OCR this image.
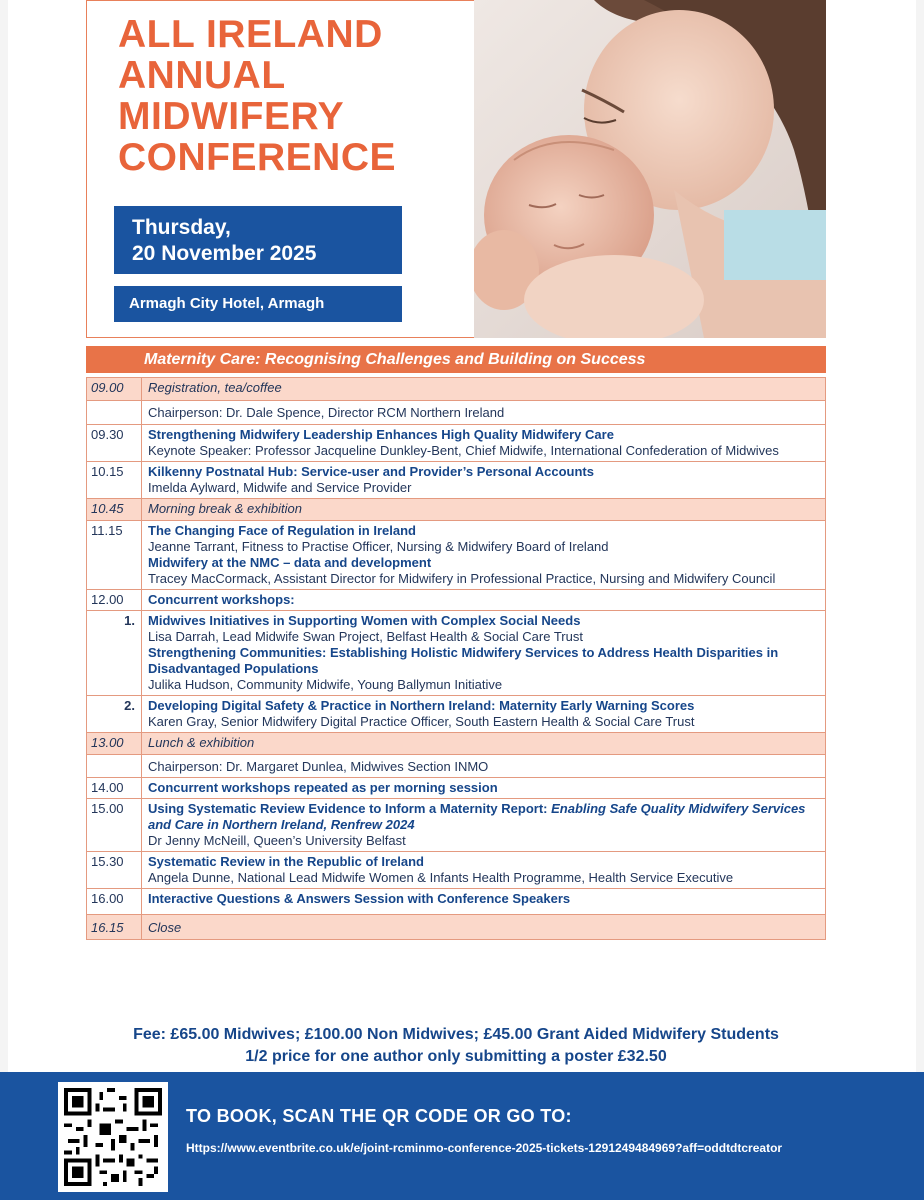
ALL IRELAND
ANNUAL
MIDWIFERY
CONFERENCE
Thursday,
20 November 2025
Armagh City Hotel, Armagh
Maternity Care: Recognising Challenges and Building on Success
09.00	Registration, tea/coffee
	Chairperson: Dr. Dale Spence, Director RCM Northern Ireland
09.30	Strengthening Midwifery Leadership Enhances High Quality Midwifery Care
Keynote Speaker: Professor Jacqueline Dunkley-Bent, Chief Midwife, International Confederation of Midwives

10.15	Kilkenny Postnatal Hub: Service-user and Provider’s Personal Accounts
Imelda Aylward, Midwife and Service Provider

10.45	Morning break & exhibition
11.15	The Changing Face of Regulation in Ireland
Jeanne Tarrant, Fitness to Practise Officer, Nursing & Midwifery Board of Ireland
Midwifery at the NMC – data and development
Tracey MacCormack, Assistant Director for Midwifery in Professional Practice, Nursing and Midwifery Council

12.00	Concurrent workshops:
1.	Midwives Initiatives in Supporting Women with Complex Social Needs
Lisa Darrah, Lead Midwife Swan Project, Belfast Health & Social Care Trust
Strengthening Communities: Establishing Holistic Midwifery Services to Address Health Disparities in Disadvantaged Populations
Julika Hudson, Community Midwife, Young Ballymun Initiative

2.	Developing Digital Safety & Practice in Northern Ireland: Maternity Early Warning Scores
Karen Gray, Senior Midwifery Digital Practice Officer, South Eastern Health & Social Care Trust

13.00	Lunch & exhibition
	Chairperson: Dr. Margaret Dunlea, Midwives Section INMO
14.00	Concurrent workshops repeated as per morning session
15.00	Using Systematic Review Evidence to Inform a Maternity Report: Enabling Safe Quality Midwifery Services and Care in Northern Ireland, Renfrew 2024
Dr Jenny McNeill, Queen’s University Belfast

15.30	Systematic Review in the Republic of Ireland
Angela Dunne, National Lead Midwife Women & Infants Health Programme, Health Service Executive

16.00	Interactive Questions & Answers Session with Conference Speakers
16.15	Close
Fee: £65.00 Midwives; £100.00 Non Midwives; £45.00 Grant Aided Midwifery Students
1/2 price for one author only submitting a poster £32.50
TO BOOK, SCAN THE QR CODE OR GO TO:
Https://www.eventbrite.co.uk/e/joint-rcminmo-conference-2025-tickets-1291249484969?aff=oddtdtcreator
